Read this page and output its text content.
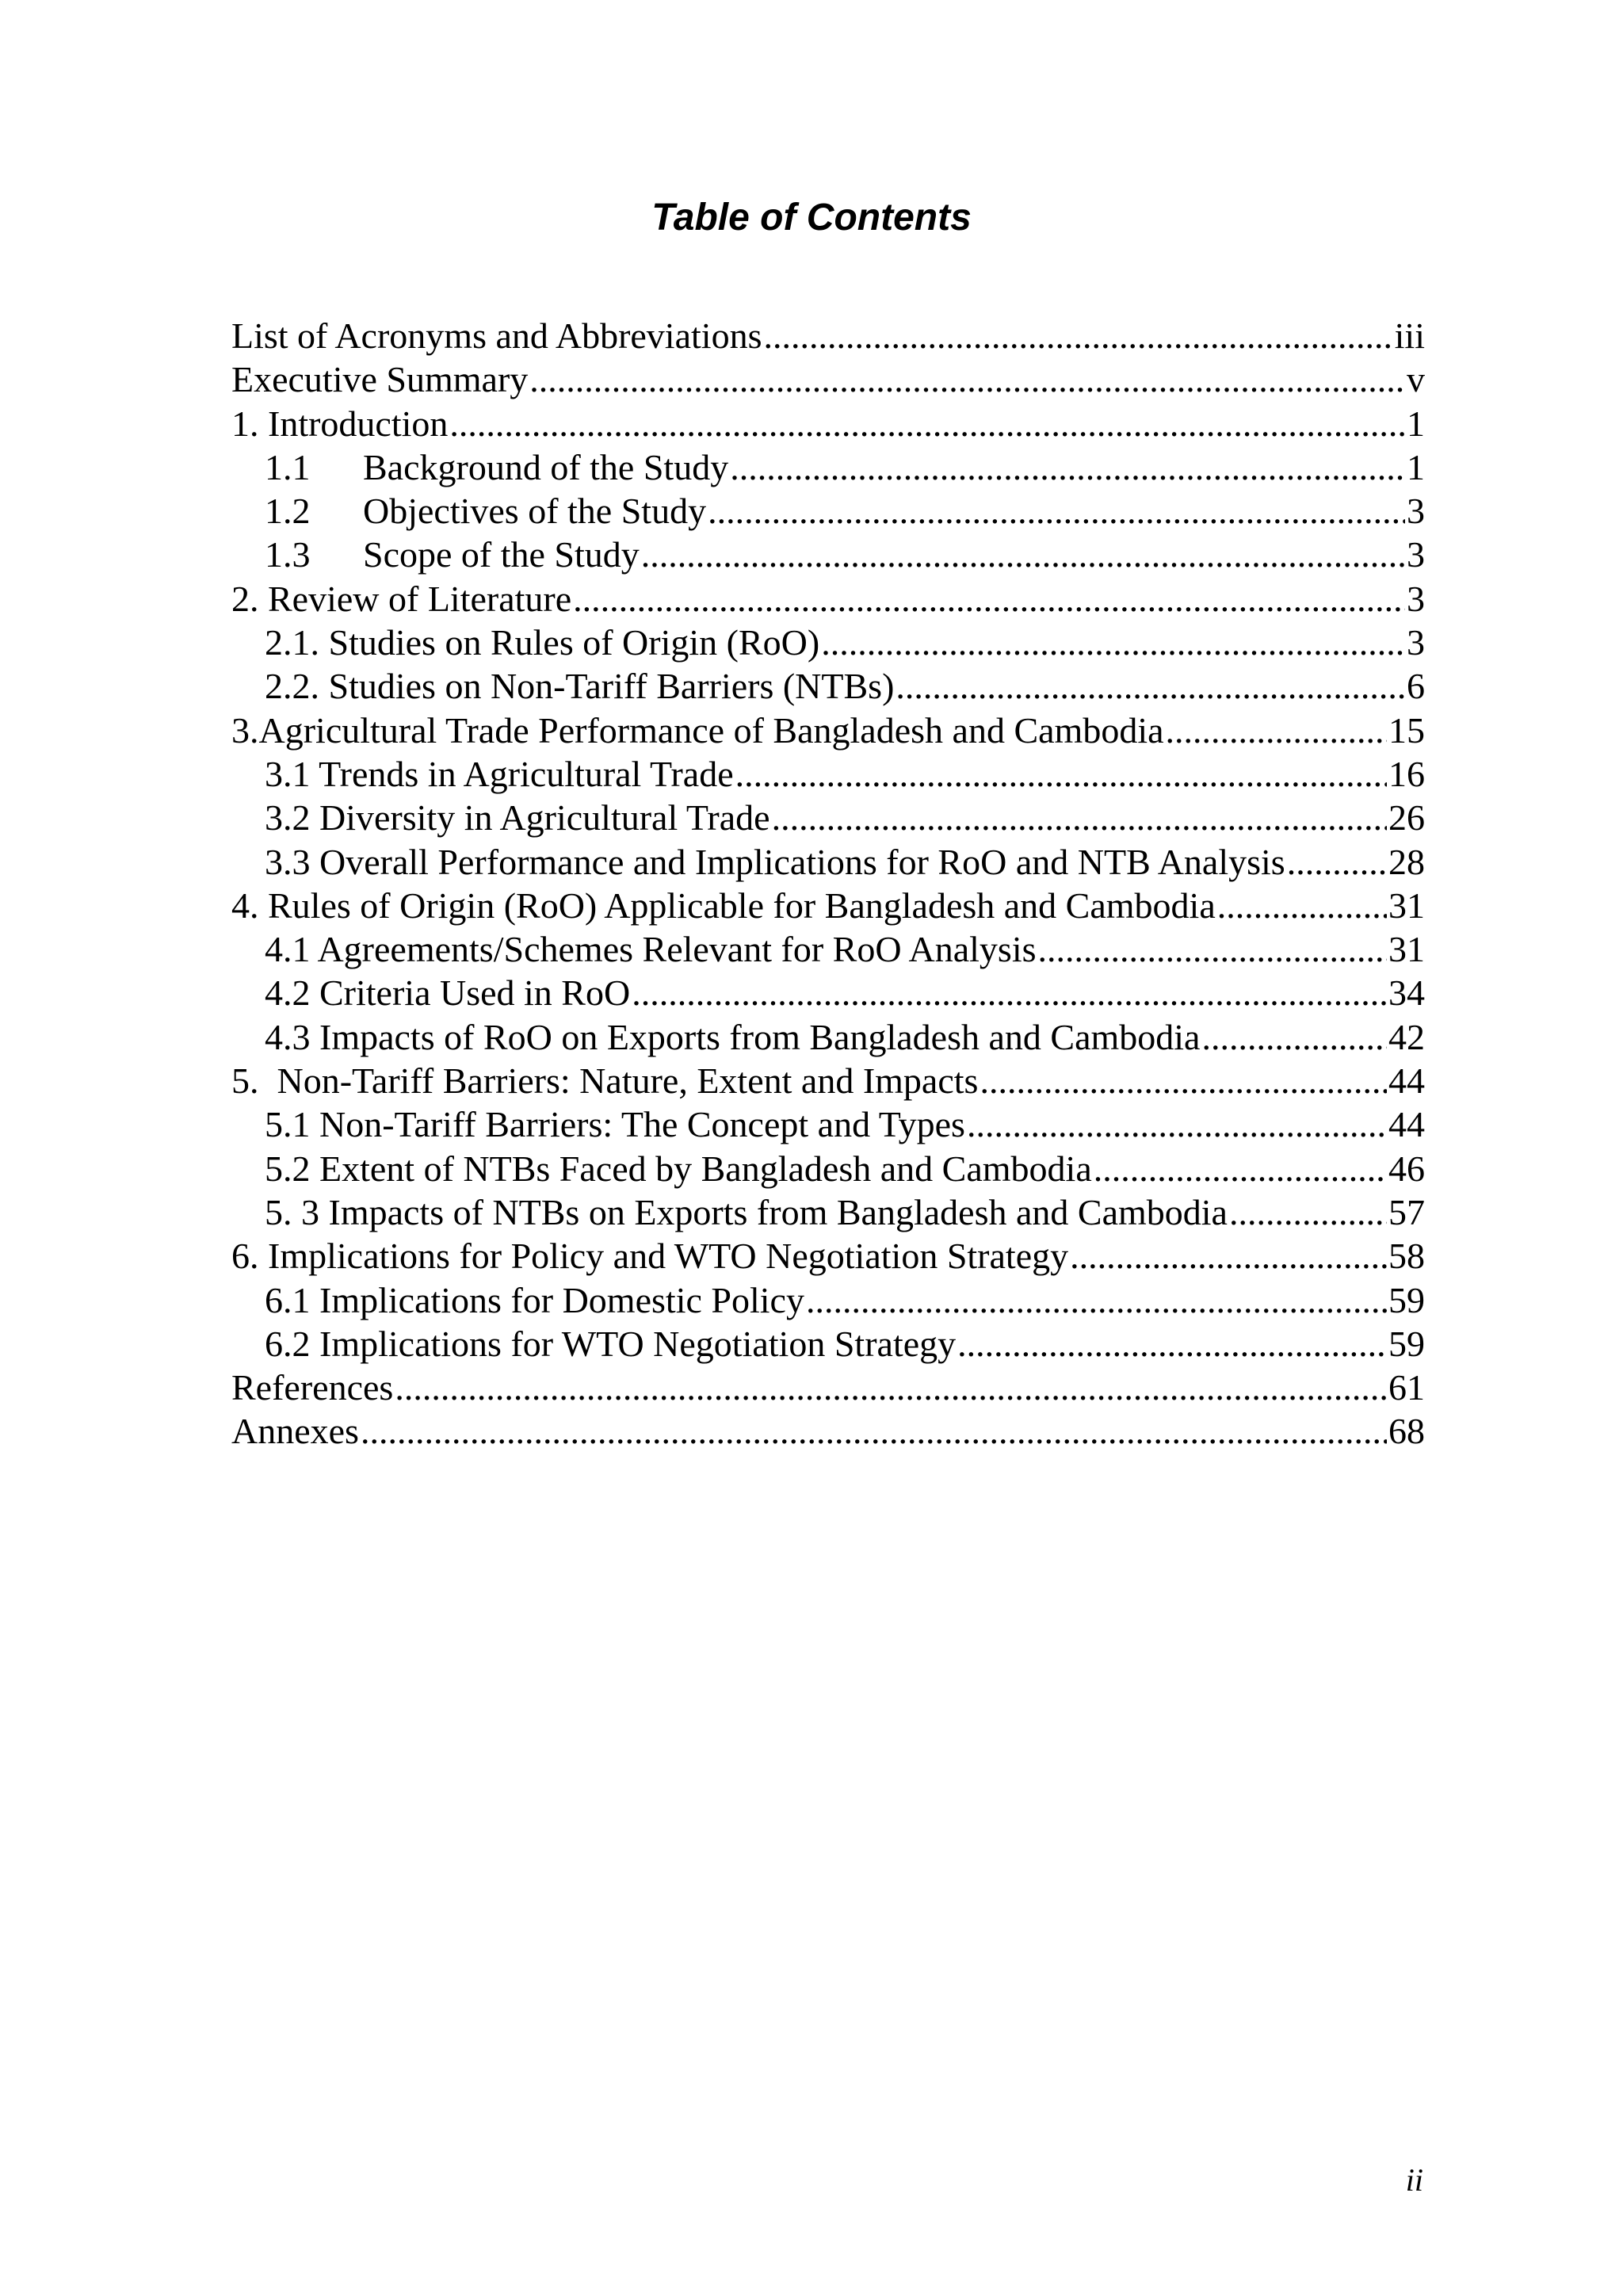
Table of Contents
List of Acronyms and Abbreviations .....	iii
Executive Summary .....	v
1. Introduction .....	1
1.1	Background of the Study .....	1
1.2	Objectives of the Study .....	3
1.3	Scope of the Study .....	3
2. Review of Literature .....	3
2.1. Studies on Rules of Origin (RoO) .....	3
2.2. Studies on Non-Tariff Barriers (NTBs) .....	6
3.Agricultural Trade Performance of Bangladesh and Cambodia .....	15
3.1 Trends in Agricultural Trade .....	16
3.2 Diversity in Agricultural Trade .....	26
3.3 Overall Performance and Implications for RoO and NTB Analysis .....	28
4. Rules of Origin (RoO) Applicable for Bangladesh and Cambodia .....	31
4.1 Agreements/Schemes Relevant for RoO Analysis .....	31
4.2 Criteria Used in RoO .....	34
4.3 Impacts of RoO on Exports from Bangladesh and Cambodia .....	42
5.  Non-Tariff Barriers: Nature, Extent and Impacts .....	44
5.1 Non-Tariff Barriers: The Concept and Types .....	44
5.2 Extent of NTBs Faced by Bangladesh and Cambodia .....	46
5. 3 Impacts of NTBs on Exports from Bangladesh and Cambodia .....	57
6. Implications for Policy and WTO Negotiation Strategy .....	58
6.1 Implications for Domestic Policy .....	59
6.2 Implications for WTO Negotiation Strategy .....	59
References .....	61
Annexes .....	68
ii
